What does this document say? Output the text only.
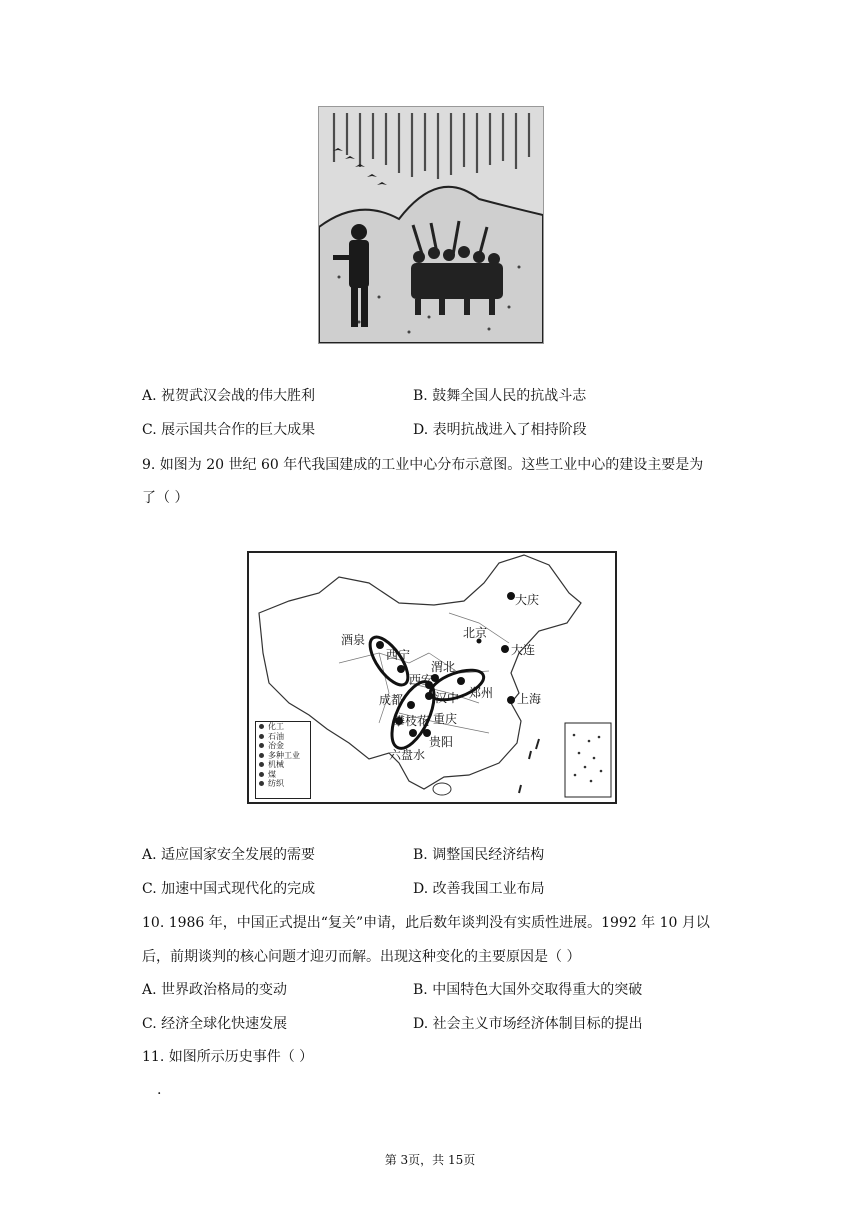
A. 祝贺武汉会战的伟大胜利	B. 鼓舞全国人民的抗战斗志
C. 展示国共合作的巨大成果	D. 表明抗战进入了相持阶段
9. 如图为 20 世纪 60 年代我国建成的工业中心分布示意图。这些工业中心的建设主要是为
了（ ）
大庆
北京
大连
酒泉
西宁
渭北
西安
郑州 上海
成都	汉中
攀枝花 重庆
贵阳
六盘水
化工
石油
冶金
多种工业
机械
煤
纺织
A. 适应国家安全发展的需要	B. 调整国民经济结构
C. 加速中国式现代化的完成	D. 改善我国工业布局
10. 1986 年，中国正式提出“复关”申请，此后数年谈判没有实质性进展。1992 年 10 月以
后，前期谈判的核心问题才迎刃而解。出现这种变化的主要原因是（ ）
A. 世界政治格局的变动	B. 中国特色大国外交取得重大的突破
C. 经济全球化快速发展	D. 社会主义市场经济体制目标的提出
11. 如图所示历史事件（ ）
.
第 3页，共 15页
